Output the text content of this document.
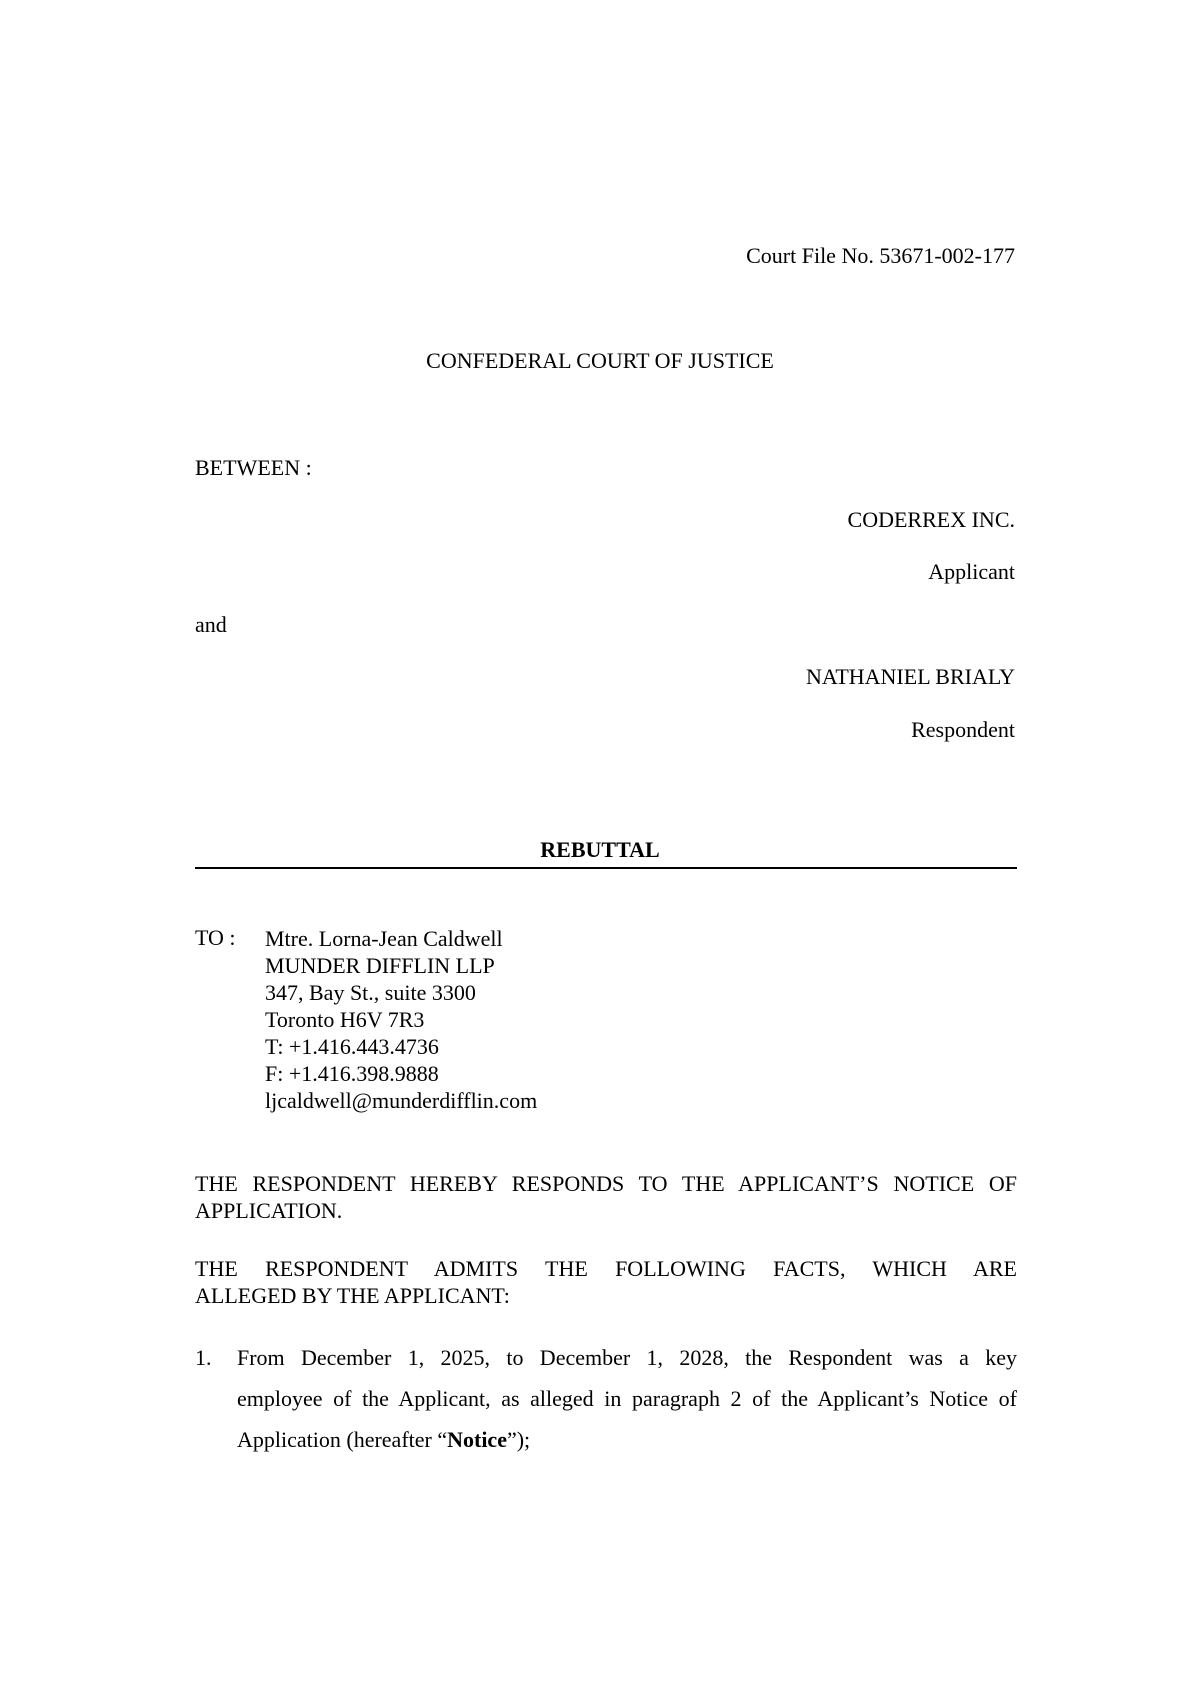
Court File No. 53671-002-177
CONFEDERAL COURT OF JUSTICE
BETWEEN :
CODERREX INC.
Applicant
and
NATHANIEL BRIALY
Respondent
REBUTTAL
TO : Mtre. Lorna-Jean Caldwell
MUNDER DIFFLIN LLP
347, Bay St., suite 3300
Toronto H6V 7R3
T: +1.416.443.4736
F: +1.416.398.9888
ljcaldwell@munderdifflin.com
THE RESPONDENT HEREBY RESPONDS TO THE APPLICANT’S NOTICE OF
APPLICATION.
THE RESPONDENT ADMITS THE FOLLOWING FACTS, WHICH ARE
ALLEGED BY THE APPLICANT:
1. From December 1, 2025, to December 1, 2028, the Respondent was a key
employee of the Applicant, as alleged in paragraph 2 of the Applicant’s Notice of
Application (hereafter “Notice”);
